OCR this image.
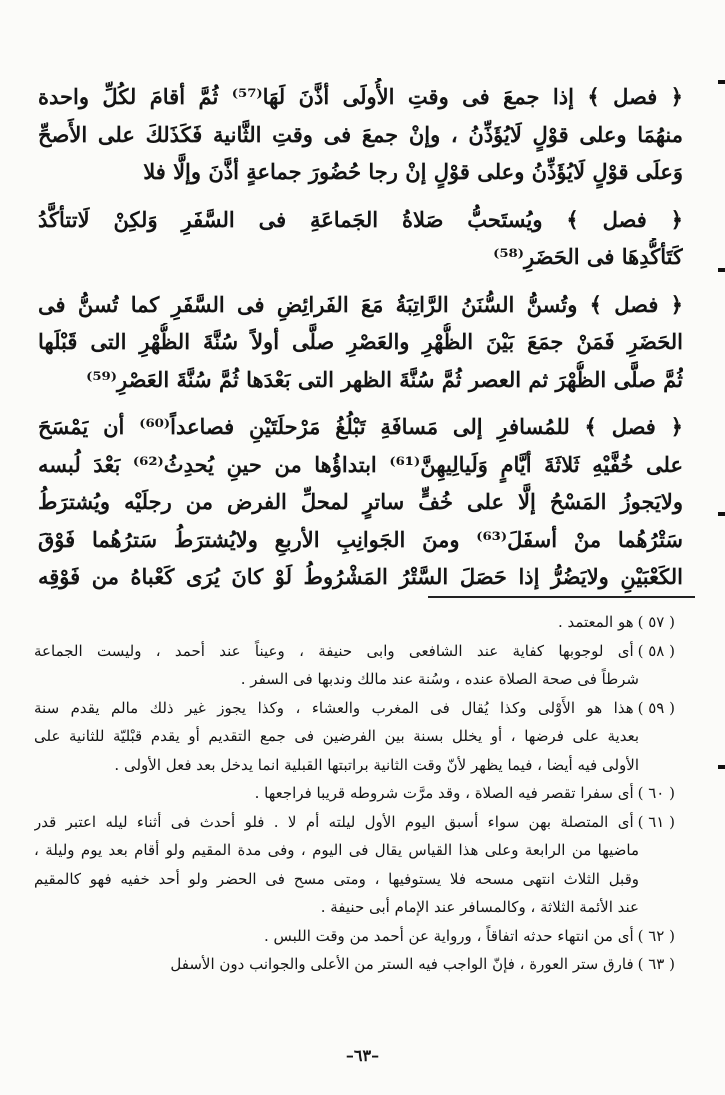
﴿ فصل ﴾ إذا جمعَ فى وقتِ الأُولَى أذَّنَ لَهَا⁽⁵⁷⁾ ثُمَّ أقامَ لكُلِّ واحدة
منهُمَا وعلى قوْلٍ لَايُؤَذِّنُ ، وإنْ جمعَ فى وقتِ الثَّانية فَكَذَلكَ على الأَصحِّ
وَعلَى قوْلٍ لَايُؤَذِّنُ وعلى قوْلٍ إنْ رجا حُضُورَ جماعةٍ أذَّنَ وإلَّا فلا
﴿ فصل ﴾ ويُستَحبُّ صَلاةُ الجَماعَةِ فى السَّفَرِ وَلكِنْ لَاتتأكَّدُ
كَتَأكُّدِهَا فى الحَضَرِ⁽⁵⁸⁾
﴿ فصل ﴾ وتُسنُّ السُّنَنُ الرَّاتِبَةُ مَعَ الفَرائِضِ فى السَّفَرِ كما تُسنُّ فى
الحَضَرِ فَمَنْ جمَعَ بَيْنَ الظُّهْرِ والعَصْرِ صلَّى أولاً سُنَّةَ الظُّهْرِ التى قَبْلَها
ثُمَّ صلَّى الظُّهْرَ ثم العصر ثُمَّ سُنَّةَ الظهر التى بَعْدَها ثُمَّ سُنَّةَ العَصْرِ⁽⁵⁹⁾
﴿ فصل ﴾ للمُسافرِ إلى مَسافَةِ تَبْلُغُ مَرْحلَتَيْنِ فصاعداً⁽⁶⁰⁾ أن يَمْسَحَ
على خُفَّيْهِ ثَلاثَةَ أيَّامٍ وَلَيالِيهِنَّ⁽⁶¹⁾ ابتداؤُها من حينِ يُحدِثُ⁽⁶²⁾ بَعْدَ لُبسه
ولايَجوزُ المَسْحُ إلَّا على خُفٍّ ساترٍ لمحلِّ الفرض من رجلَيْه ويُشترَطُ
سَتْرُهُما منْ أسفَلَ⁽⁶³⁾ ومنَ الجَوانِبِ الأربعِ ولايُشترَطُ سَترُهُما فَوْقَ
الكَعْبَيْنِ ولايَضُرُّ إذا حَصَلَ السَّتْرُ المَشْرُوطُ لَوْ كانَ يُرَى كَعْباهُ من فَوْقِه
( ٥٧ )هو المعتمد .
( ٥٨ )أى لوجوبها كفاية عند الشافعى وابى حنيفة ، وعيناً عند أحمد ، وليست الجماعة
شرطاً فى صحة الصلاة عنده ، وسُنة عند مالك وندبها فى السفر .
( ٥٩ )هذا هو الأَوْلى وكذا يُقال فى المغرب والعشاء ، وكذا يجوز غير ذلك مالم يقدم سنة
بعدية على فرضها ، أو يخلل بسنة بين الفرضين فى جمع التقديم أو يقدم قبْليّة للثانية على
الأولى فيه أيضا ، فيما يظهر لأنّ وقت الثانية براتبتها القبلية انما يدخل بعد فعل الأولى .
( ٦٠ )أى سفرا تقصر فيه الصلاة ، وقد مرَّت شروطه قريبا فراجعها .
( ٦١ )أى المتصلة بهن سواء أسبق اليوم الأول ليلته أم لا . فلو أحدث فى أثناء ليله اعتبر قدر
ماضيها من الرابعة وعلى هذا القياس يقال فى اليوم ، وفى مدة المقيم ولو أقام بعد يوم وليلة ،
وقبل الثلاث انتهى مسحه فلا يستوفيها ، ومتى مسح فى الحضر ولو أحد خفيه فهو كالمقيم
عند الأئمة الثلاثة ، وكالمسافر عند الإمام أبى حنيفة .
( ٦٢ )أى من انتهاء حدثه اتفاقاً ، ورواية عن أحمد من وقت اللبس .
( ٦٣ )فارق ستر العورة ، فإنّ الواجب فيه الستر من الأعلى والجوانب دون الأسفل
–٦٣–
